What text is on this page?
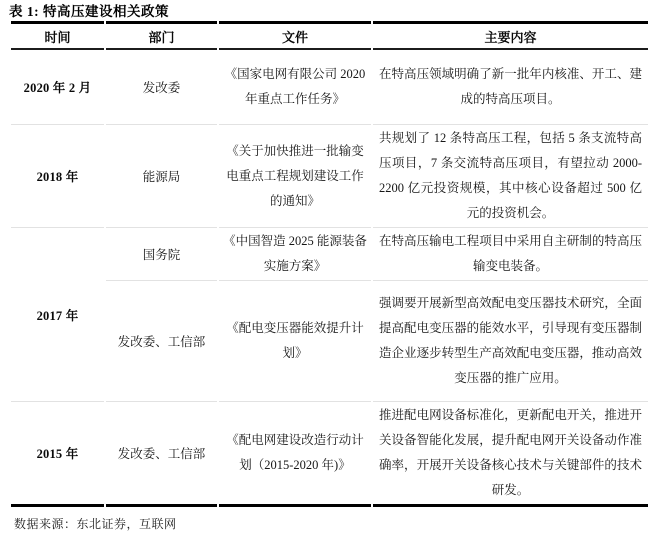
表 1: 特高压建设相关政策
时间	部门	文件	主要内容
2020 年 2 月	发改委	《国家电网有限公司 2020 年重点工作任务》	在特高压领域明确了新一批年内核准、开工、建成的特高压项目。
2018 年	能源局	《关于加快推进一批输变电重点工程规划建设工作的通知》	共规划了 12 条特高压工程，包括 5 条支流特高压项目，7 条交流特高压项目，有望拉动 2000-2200 亿元投资规模，其中核心设备超过 500 亿元的投资机会。
2017 年	国务院	《中国智造 2025 能源装备实施方案》	在特高压输电工程项目中采用自主研制的特高压输变电装备。
	发改委、工信部	《配电变压器能效提升计划》	强调要开展新型高效配电变压器技术研究，全面提高配电变压器的能效水平，引导现有变压器制造企业逐步转型生产高效配电变压器，推动高效变压器的推广应用。
2015 年	发改委、工信部	《配电网建设改造行动计划（2015-2020 年)》	推进配电网设备标准化，更新配电开关，推进开关设备智能化发展，提升配电网开关设备动作准确率，开展开关设备核心技术与关键部件的技术研发。
数据来源：东北证券，互联网
